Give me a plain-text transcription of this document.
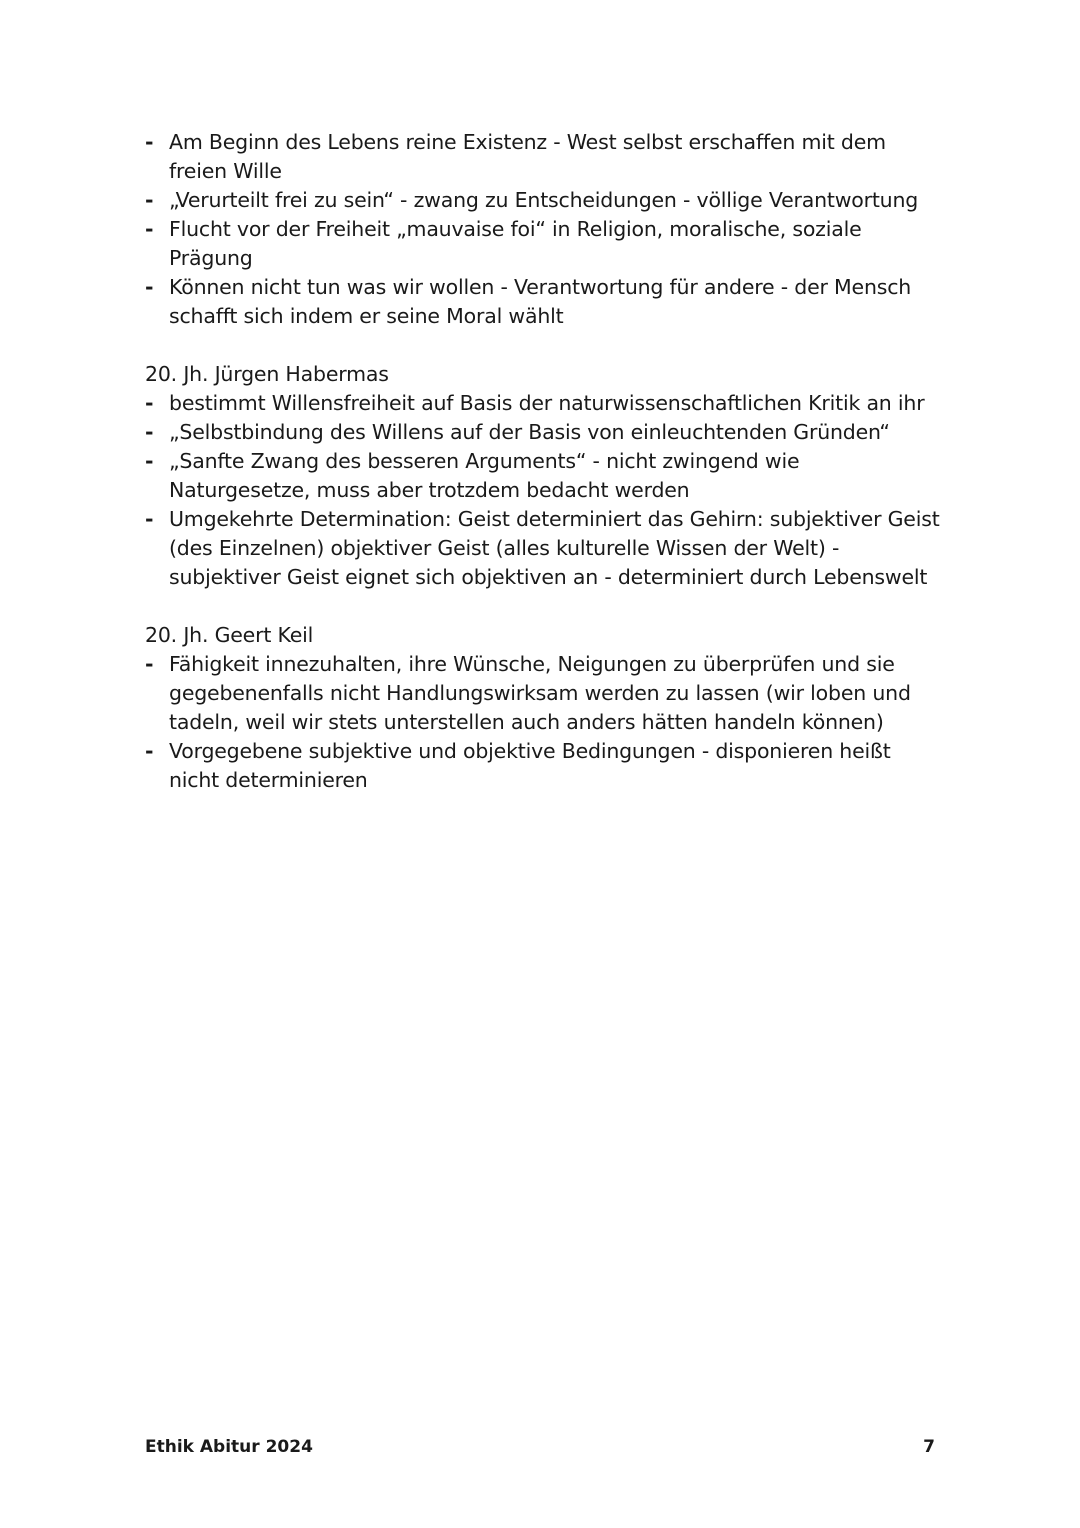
- Am Beginn des Lebens reine Existenz - West selbst erschaffen mit dem freien Wille
- „Verurteilt frei zu sein“ - zwang zu Entscheidungen - völlige Verantwortung
- Flucht vor der Freiheit „mauvaise foi“ in Religion, moralische, soziale Prägung
- Können nicht tun was wir wollen - Verantwortung für andere - der Mensch schafft sich indem er seine Moral wählt

20. Jh. Jürgen Habermas

- bestimmt Willensfreiheit auf Basis der naturwissenschaftlichen Kritik an ihr
- „Selbstbindung des Willens auf der Basis von einleuchtenden Gründen“
- „Sanfte Zwang des besseren Arguments“ - nicht zwingend wie Naturgesetze, muss aber trotzdem bedacht werden
- Umgekehrte Determination: Geist determiniert das Gehirn: subjektiver Geist (des Einzelnen) objektiver Geist (alles kulturelle Wissen der Welt) - subjektiver Geist eignet sich objektiven an - determiniert durch Lebenswelt

20. Jh. Geert Keil

- Fähigkeit innezuhalten, ihre Wünsche, Neigungen zu überprüfen und sie gegebenenfalls nicht Handlungswirksam werden zu lassen (wir loben und tadeln, weil wir stets unterstellen auch anders hätten handeln können)
- Vorgegebene subjektive und objektive Bedingungen - disponieren heißt nicht determinieren
Ethik Abitur 2024	7
